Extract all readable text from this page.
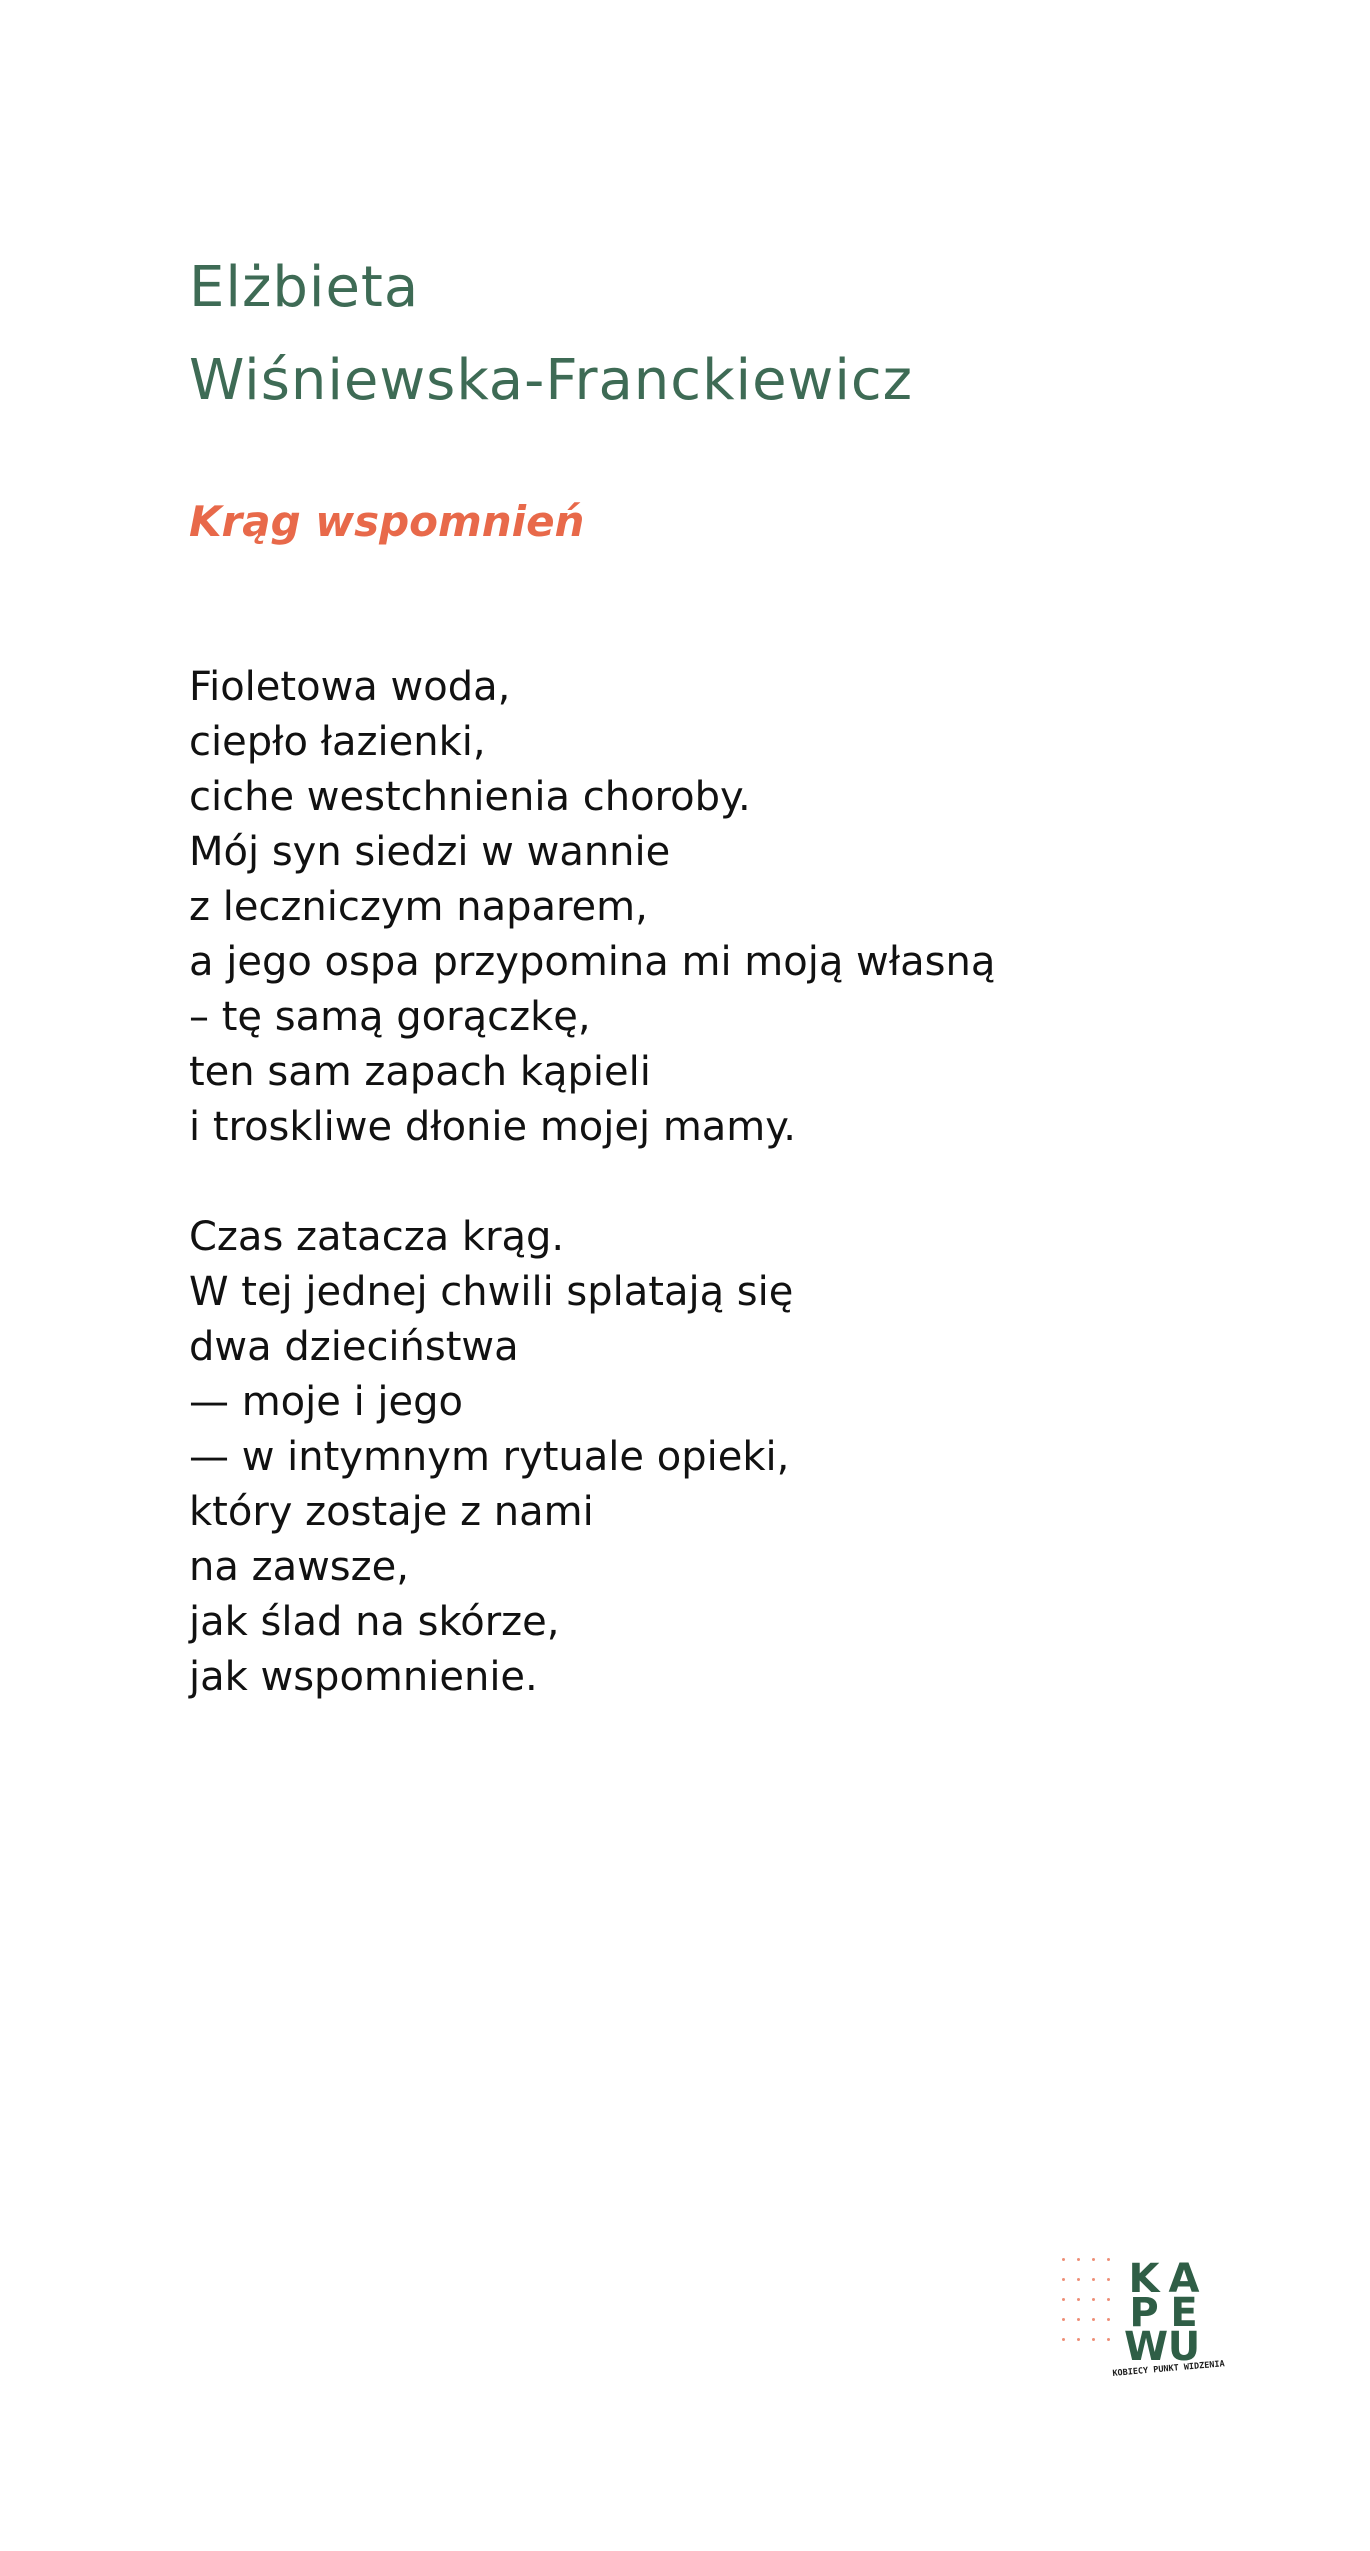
Elżbieta
Wiśniewska-Franckiewicz
Krąg wspomnień

Fioletowa woda,
ciepło łazienki,
ciche westchnienia choroby.
Mój syn siedzi w wannie
z leczniczym naparem,
a jego ospa przypomina mi moją własną
– tę samą gorączkę,
ten sam zapach kąpieli
i troskliwe dłonie mojej mamy.

Czas zatacza krąg.
W tej jednej chwili splatają się
dwa dzieciństwa
— moje i jego
— w intymnym rytuale opieki,
który zostaje z nami
na zawsze,
jak ślad na skórze,
jak wspomnienie.

K A
P E
W U
KOBIECY PUNKT WIDZENIA
